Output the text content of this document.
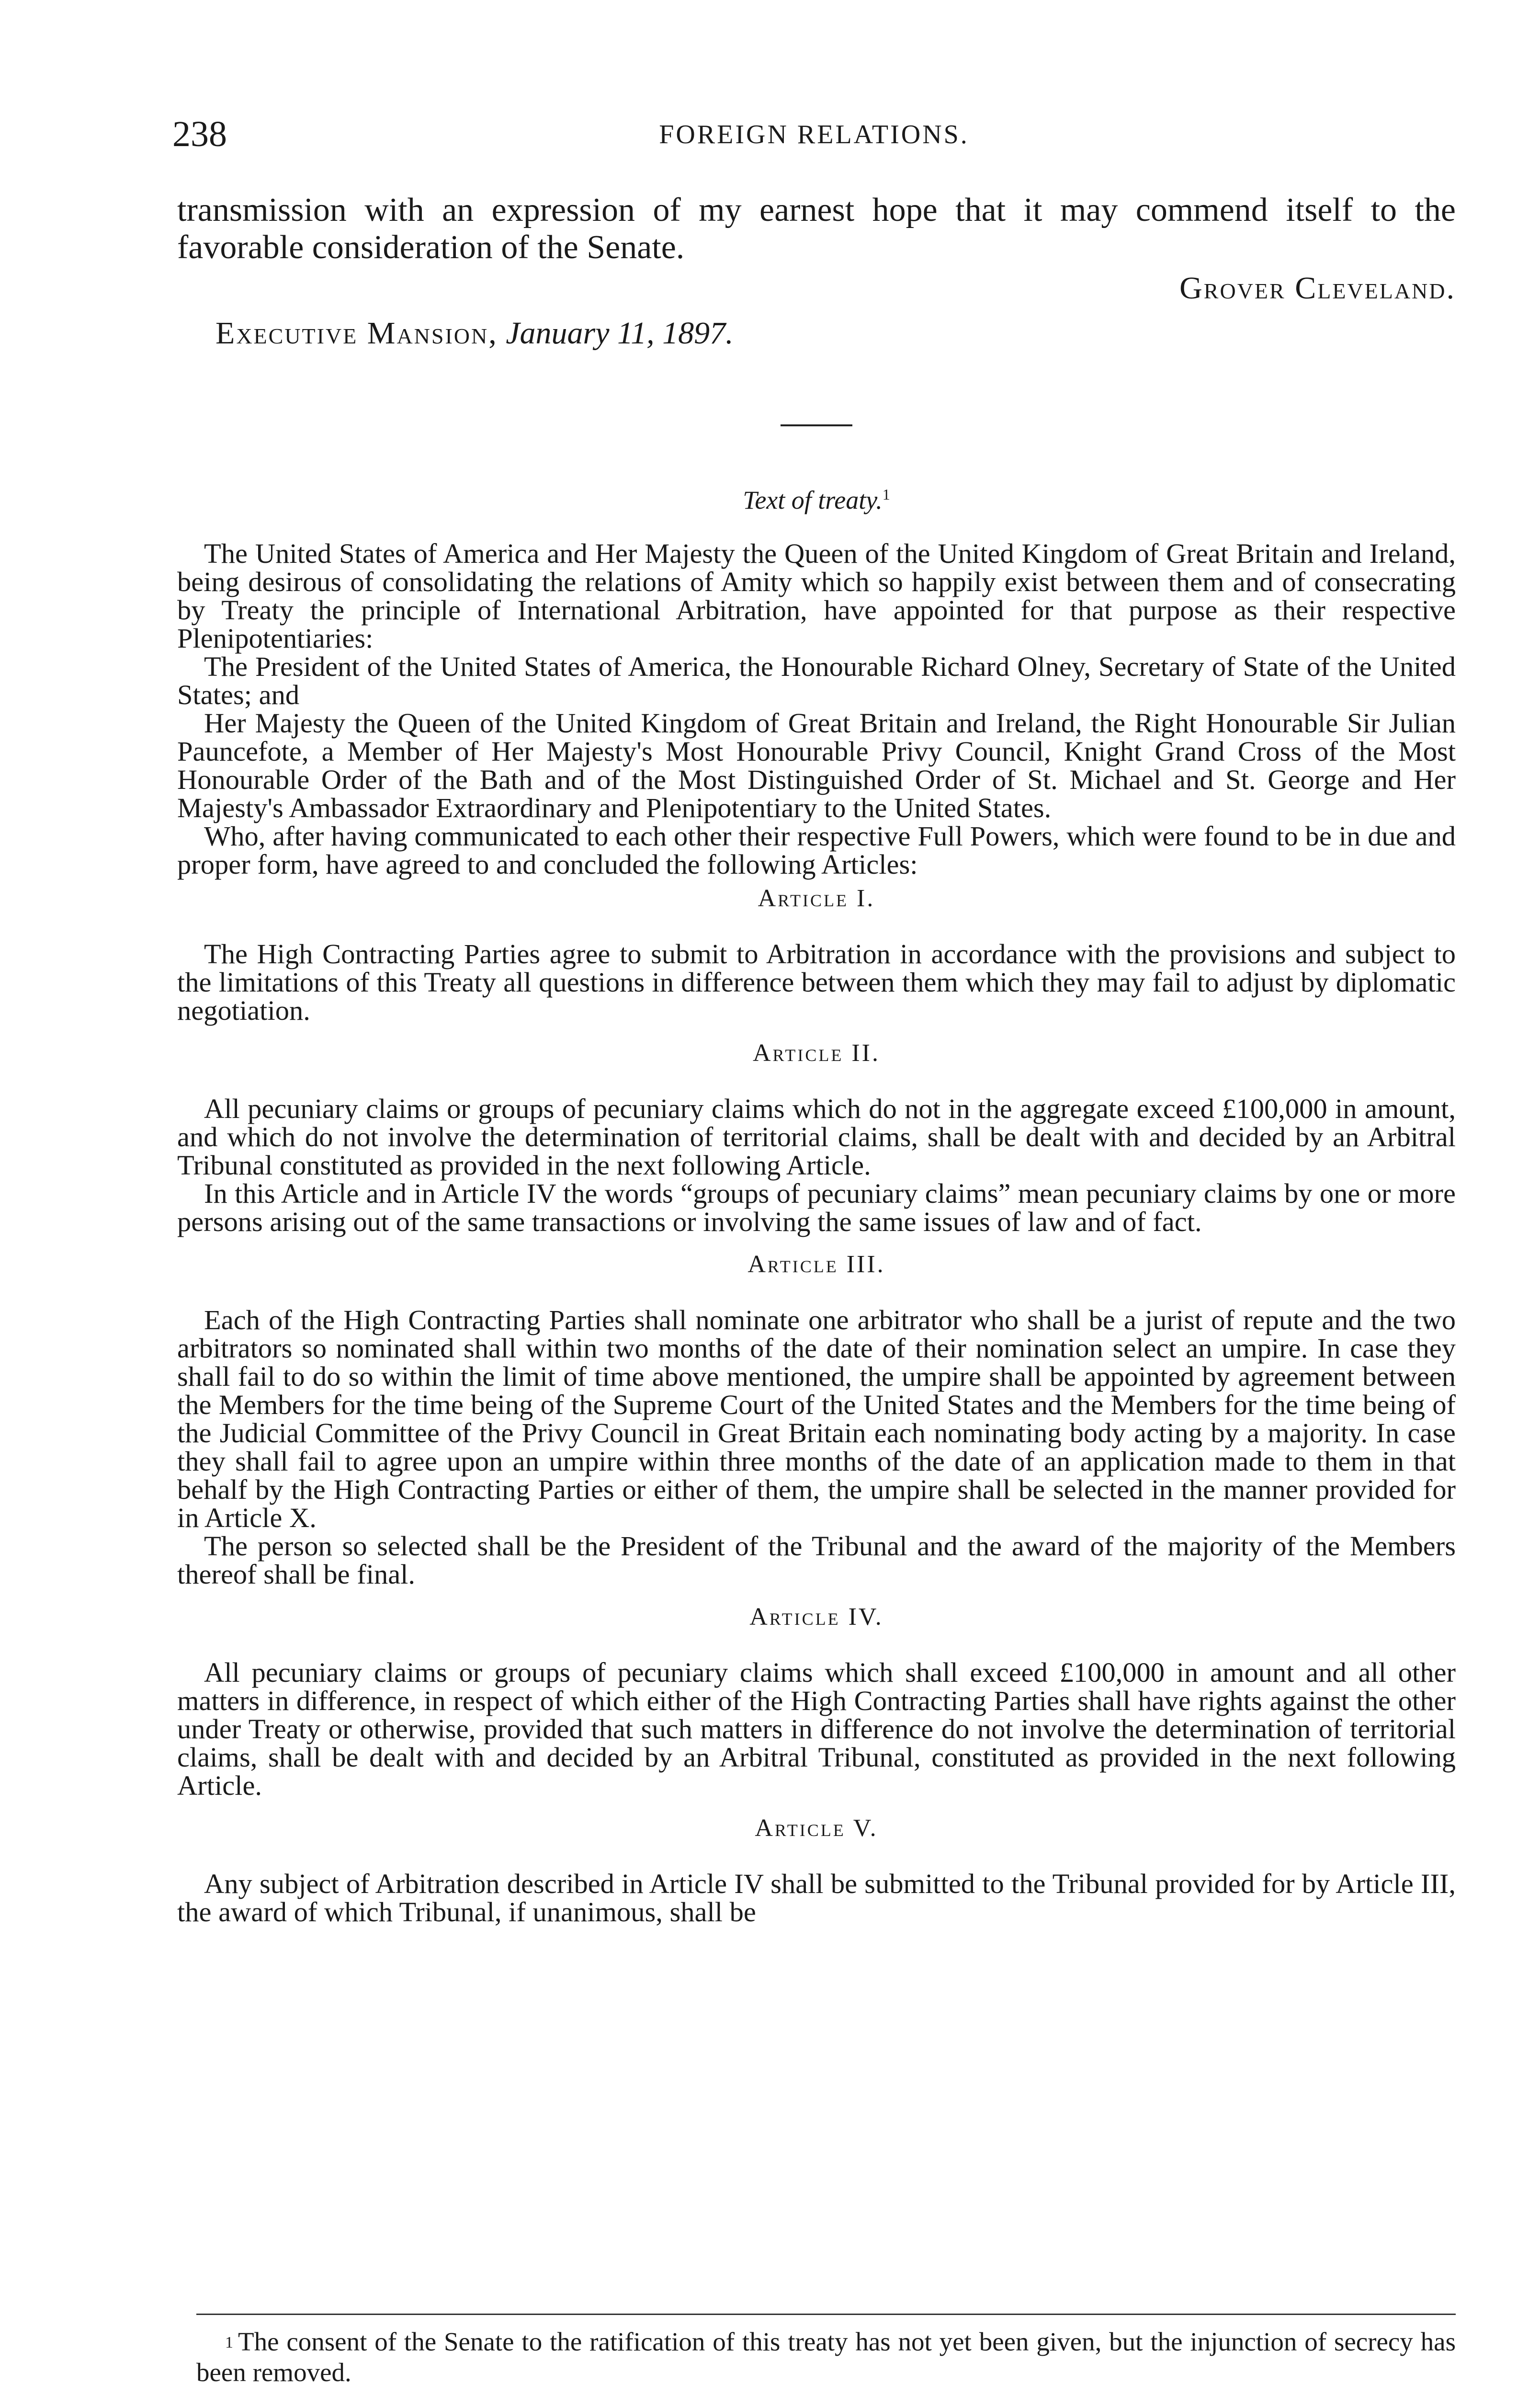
238	FOREIGN RELATIONS.

transmission with an expression of my earnest hope that it may commend itself to the favorable consideration of the Senate.

Grover Cleveland.

Executive Mansion, January 11, 1897.

Text of treaty.$^1$

The United States of America and Her Majesty the Queen of the United Kingdom of Great Britain and Ireland, being desirous of consolidating the relations of Amity which so happily exist between them and of consecrating by Treaty the principle of International Arbitration, have appointed for that purpose as their respective Plenipotentiaries:

The President of the United States of America, the Honourable Richard Olney, Secretary of State of the United States; and

Her Majesty the Queen of the United Kingdom of Great Britain and Ireland, the Right Honourable Sir Julian Pauncefote, a Member of Her Majesty's Most Honourable Privy Council, Knight Grand Cross of the Most Honourable Order of the Bath and of the Most Distinguished Order of St. Michael and St. George and Her Majesty's Ambassador Extraordinary and Plenipotentiary to the United States.

Who, after having communicated to each other their respective Full Powers, which were found to be in due and proper form, have agreed to and concluded the following Articles:

Article I.

The High Contracting Parties agree to submit to Arbitration in accordance with the provisions and subject to the limitations of this Treaty all questions in difference between them which they may fail to adjust by diplomatic negotiation.

Article II.

All pecuniary claims or groups of pecuniary claims which do not in the aggregate exceed £100,000 in amount, and which do not involve the determination of territorial claims, shall be dealt with and decided by an Arbitral Tribunal constituted as provided in the next following Article.

In this Article and in Article IV the words “groups of pecuniary claims” mean pecuniary claims by one or more persons arising out of the same transactions or involving the same issues of law and of fact.

Article III.

Each of the High Contracting Parties shall nominate one arbitrator who shall be a jurist of repute and the two arbitrators so nominated shall within two months of the date of their nomination select an umpire. In case they shall fail to do so within the limit of time above mentioned, the umpire shall be appointed by agreement between the Members for the time being of the Supreme Court of the United States and the Members for the time being of the Judicial Committee of the Privy Council in Great Britain each nominating body acting by a majority. In case they shall fail to agree upon an umpire within three months of the date of an application made to them in that behalf by the High Contracting Parties or either of them, the umpire shall be selected in the manner provided for in Article X.

The person so selected shall be the President of the Tribunal and the award of the majority of the Members thereof shall be final.

Article IV.

All pecuniary claims or groups of pecuniary claims which shall exceed £100,000 in amount and all other matters in difference, in respect of which either of the High Contracting Parties shall have rights against the other under Treaty or otherwise, provided that such matters in difference do not involve the determination of territorial claims, shall be dealt with and decided by an Arbitral Tribunal, constituted as provided in the next following Article.

Article V.

Any subject of Arbitration described in Article IV shall be submitted to the Tribunal provided for by Article III, the award of which Tribunal, if unanimous, shall be

1 The consent of the Senate to the ratification of this treaty has not yet been given, but the injunction of secrecy has been removed.
